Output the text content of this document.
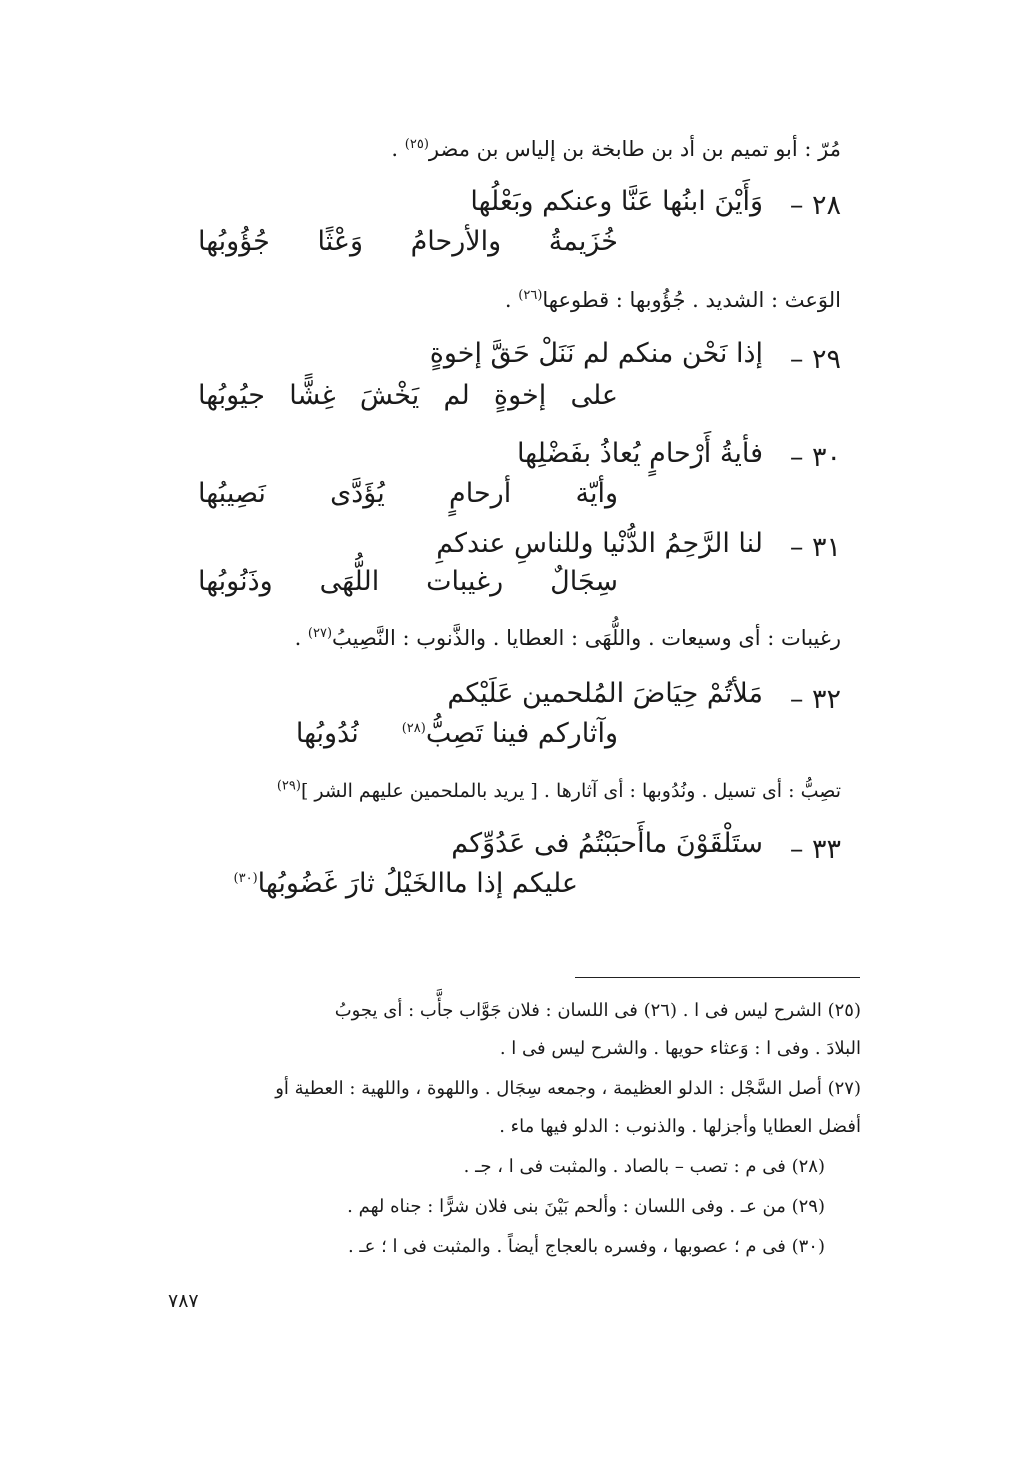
مُرّ : أبو تميم بن أد بن طابخة بن إلياس بن مضر$^{(٢٥)}$ .
٢٨ –
وَأَيْنَ ابنُها عَنَّا وعنكم وبَعْلُها
خُزَيمةُ والأرحامُ وَعْثًا جُؤُوبُها
الوَعث : الشديد . جُؤُوبها : قطوعها$^{(٢٦)}$ .
٢٩ –
إذا نَحْن منكم لم نَنَلْ حَقَّ إخوةٍ
على إخوةٍ لم يَخْشَ غِشًّا جيُوبُها
٣٠ –
فأيةُ أَرْحامٍ يُعاذُ بفَضْلِها
وأيّة أرحامٍ يُؤَدَّى نَصِيبُها
٣١ –
لنا الرَّحِمُ الدُّنْيا وللناسِ عندكمِ
سِجَالٌ رغيبات اللُّهَى وذَنُوبُها
رغيبات : أى وسيعات . واللُّهَى : العطايا . والذَّنوب : النَّصِيبُ$^{(٢٧)}$ .
٣٢ –
مَلأتُمْ حِيَاضَ المُلحمين عَلَيْكم
وآثاركم فينا تَصِبُّ$^{(٢٨)}$     نُدُوبُها
تصِبُّ : أى تسيل . ونُدُوبها : أى آثارها . [ يريد بالملحمين عليهم الشر ]$^{(٢٩)}$
٣٣ –
ستَلْقَوْنَ ماأَحبَبْتُمُ فى عَدُوِّكم
عليكم إذا ماالخَيْلُ ثارَ غَضُوبُها$^{(٣٠)}$
(٢٥) الشرح ليس فى ا . (٢٦) فى اللسان : فلان جَوَّاب جأَّب : أى يجوبُ
البلادَ . وفى ا : وَعثاء حويها . والشرح ليس فى ا .
(٢٧) أصل السَّجْل : الدلو العظيمة ، وجمعه سِجَال . واللهوة ، واللهية : العطية أو
أفضل العطايا وأجزلها . والذنوب : الدلو فيها ماء .
(٢٨) فى م : تصب – بالصاد . والمثبت فى ا ، جـ .
(٢٩) من عـ . وفى اللسان : وألحم بَيْنَ بنى فلان شرًّا : جناه لهم .
(٣٠) فى م ؛ عصوبها ، وفسره بالعجاج أيضاً . والمثبت فى ا ؛ عـ .
٧٨٧
